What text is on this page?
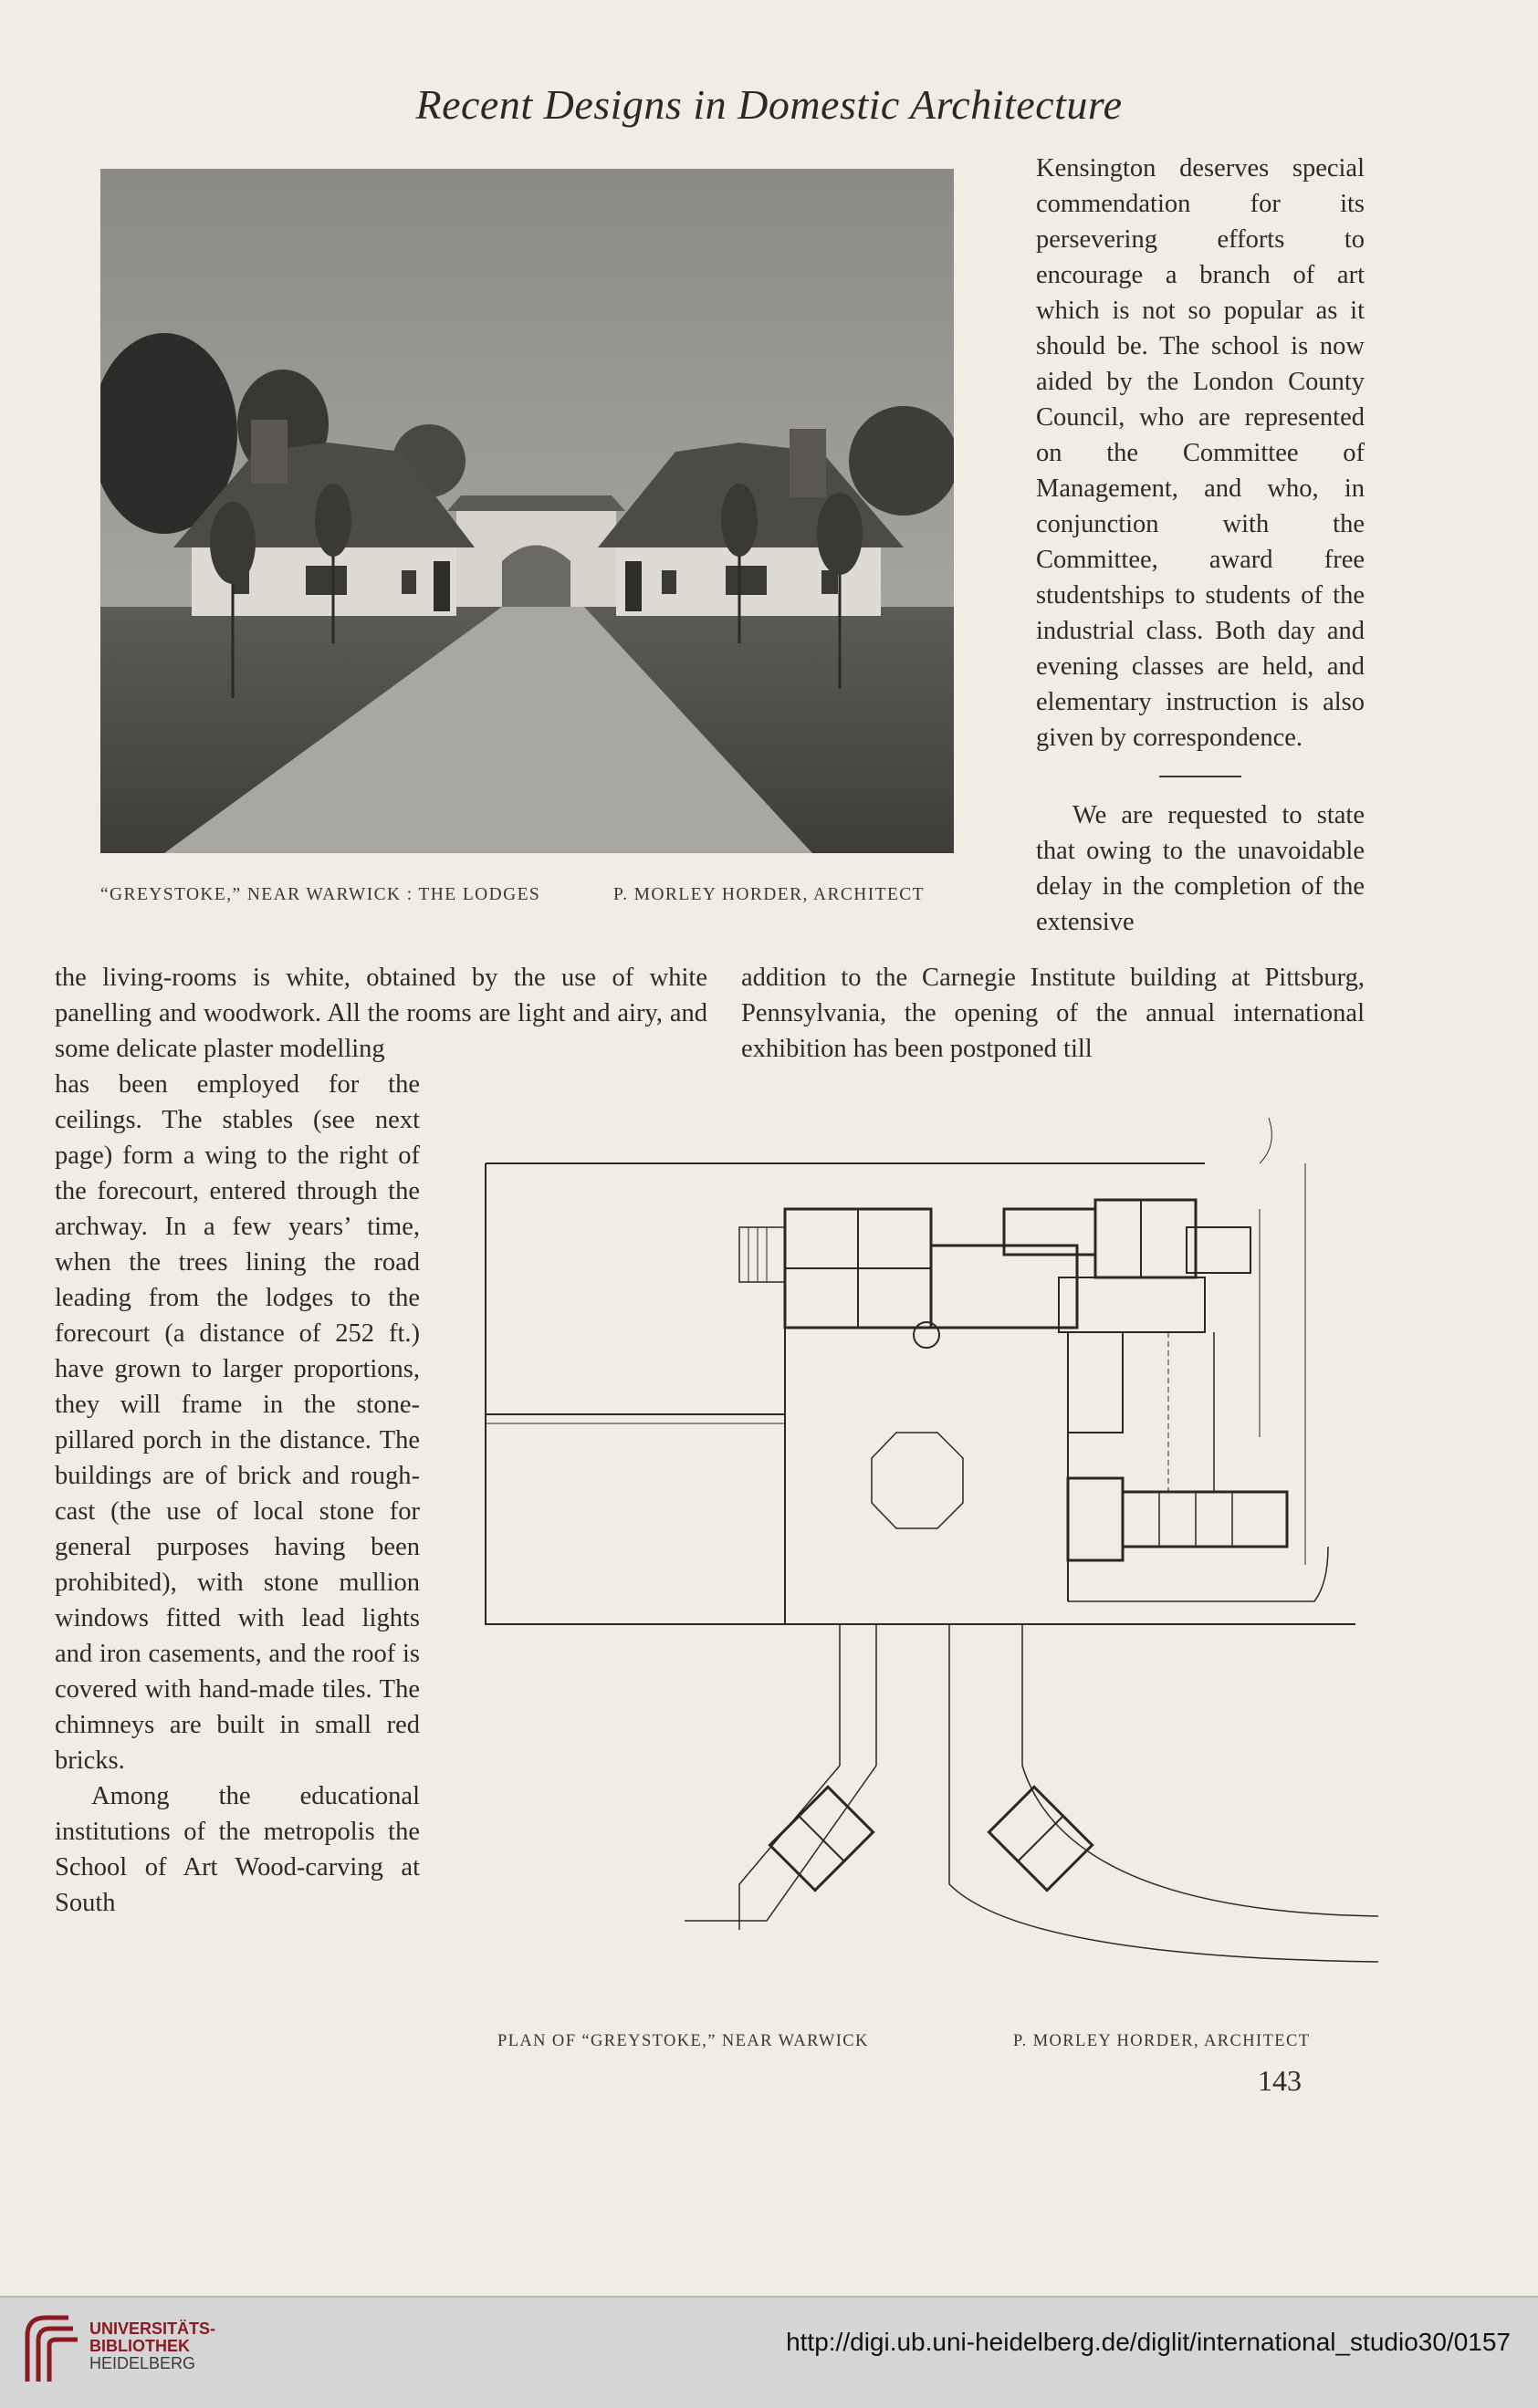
Recent Designs in Domestic Architecture
“GREYSTOKE,” NEAR WARWICK : THE LODGES	P. MORLEY HORDER, ARCHITECT

Kensington deserves special commendation for its persevering efforts to encourage a branch of art which is not so popular as it should be. The school is now aided by the London County Council, who are represented on the Committee of Management, and who, in conjunction with the Committee, award free studentships to students of the industrial class. Both day and evening classes are held, and elementary instruction is also given by correspondence.

We are requested to state that owing to the unavoidable delay in the completion of the extensive

the living-rooms is white, obtained by the use of white panelling and woodwork. All the rooms are light and airy, and some delicate plaster modelling
addition to the Carnegie Institute building at Pittsburg, Pennsylvania, the opening of the annual international exhibition has been postponed till

has been employed for the ceilings. The stables (see next page) form a wing to the right of the forecourt, entered through the archway. In a few years’ time, when the trees lining the road leading from the lodges to the forecourt (a distance of 252 ft.) have grown to larger proportions, they will frame in the stone-pillared porch in the distance. The buildings are of brick and rough-cast (the use of local stone for general purposes having been prohibited), with stone mullion windows fitted with lead lights and iron casements, and the roof is covered with hand-made tiles. The chimneys are built in small red bricks.

Among the educational institutions of the metropolis the School of Art Wood-carving at South

PLAN OF “GREYSTOKE,” NEAR WARWICK	P. MORLEY HORDER, ARCHITECT
143
UNIVERSITÄTS-
BIBLIOTHEK
HEIDELBERG
http://digi.ub.uni-heidelberg.de/diglit/international_studio30/0157
